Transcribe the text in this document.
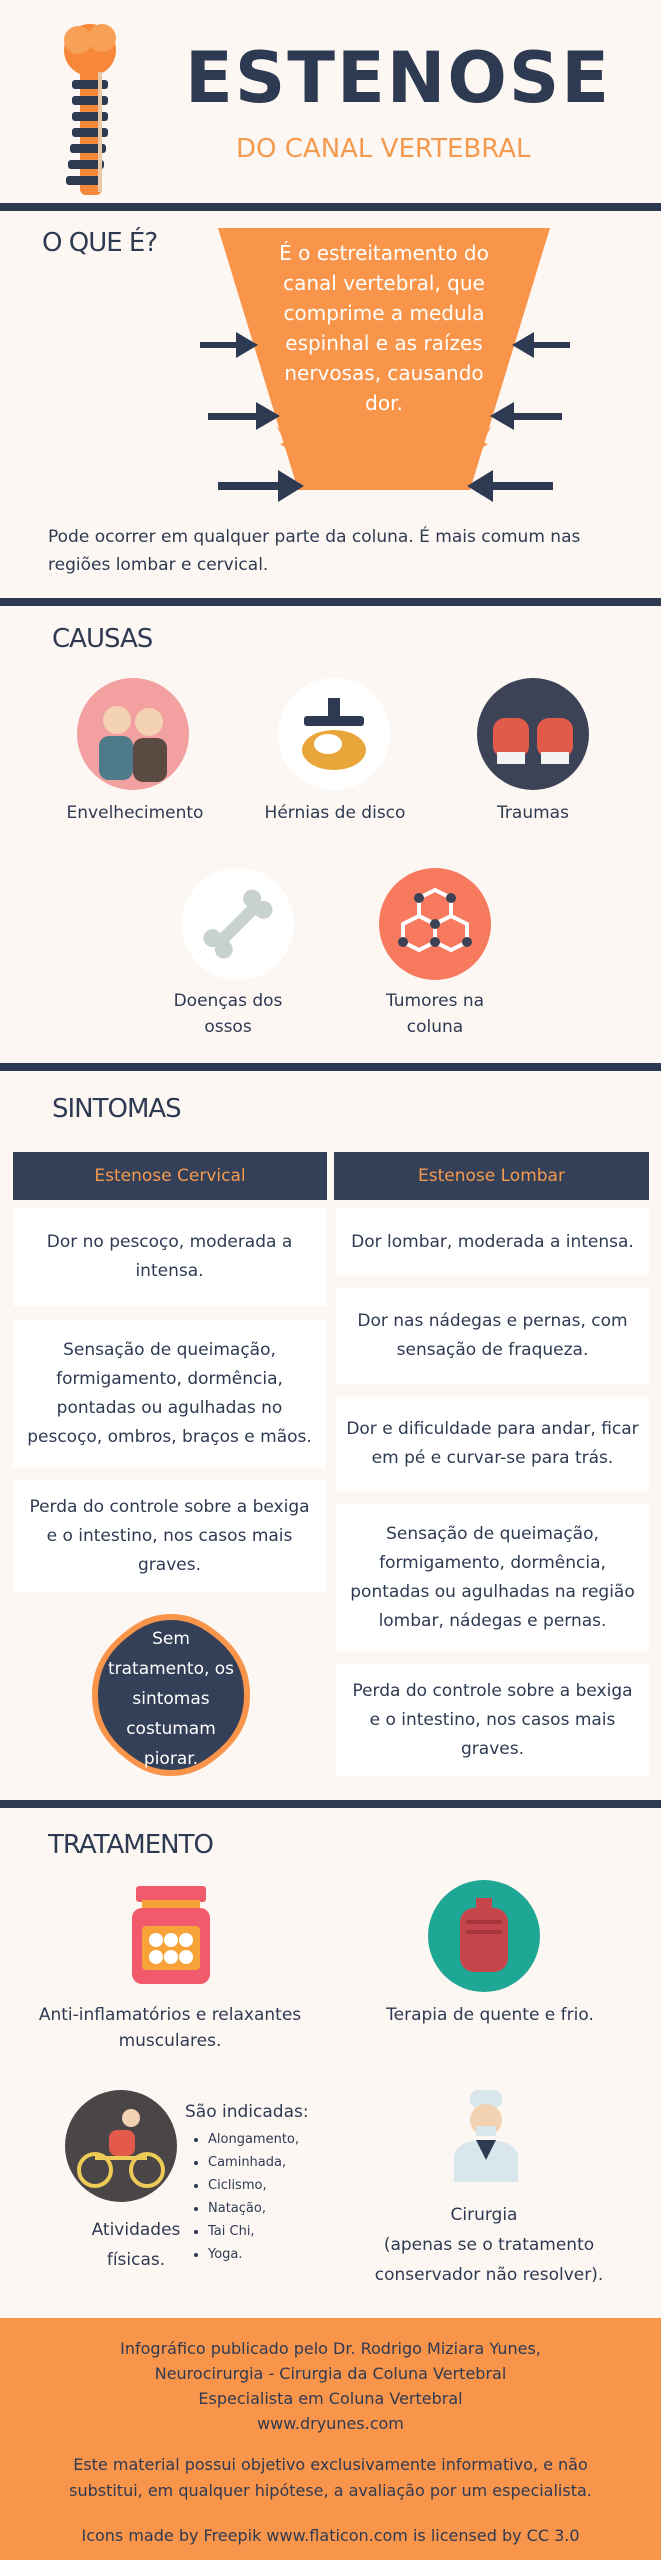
ESTENOSE
DO CANAL VERTEBRAL
O QUE É?	É o estreitamento do canal vertebral, que comprime a medula espinhal e as raízes nervosas, causando dor.
Pode ocorrer em qualquer parte da coluna. É mais comum nas regiões lombar e cervical.
CAUSAS
Envelhecimento	Hérnias de disco	Traumas
Doenças dos ossos
Tumores na coluna
SINTOMAS
Estenose Cervical	Estenose Lombar
Dor no pescoço, moderada a intensa.
Sensação de queimação, formigamento, dormência, pontadas ou agulhadas no pescoço, ombros, braços e mãos.
Perda do controle sobre a bexiga e o intestino, nos casos mais graves.
Sem tratamento, os sintomas costumam piorar.
Dor lombar, moderada a intensa.
Dor nas nádegas e pernas, com sensação de fraqueza.
Dor e dificuldade para andar, ficar em pé e curvar-se para trás.
Sensação de queimação, formigamento, dormência, pontadas ou agulhadas na região lombar, nádegas e pernas.
Perda do controle sobre a bexiga e o intestino, nos casos mais graves.
TRATAMENTO
Anti-inflamatórios e relaxantes musculares.
Terapia de quente e frio.
São indicadas:
• Alongamento,
• Caminhada,
• Ciclismo,
• Natação,
• Tai Chi,
• Yoga.
Atividades físicas.
Cirurgia
(apenas se o tratamento conservador não resolver).
Infográfico publicado pelo Dr. Rodrigo Miziara Yunes,
Neurocirurgia - Cirurgia da Coluna Vertebral
Especialista em Coluna Vertebral
www.dryunes.com
Este material possui objetivo exclusivamente informativo, e não substitui, em qualquer hipótese, a avaliação por um especialista.
Icons made by Freepik www.flaticon.com is licensed by CC 3.0
